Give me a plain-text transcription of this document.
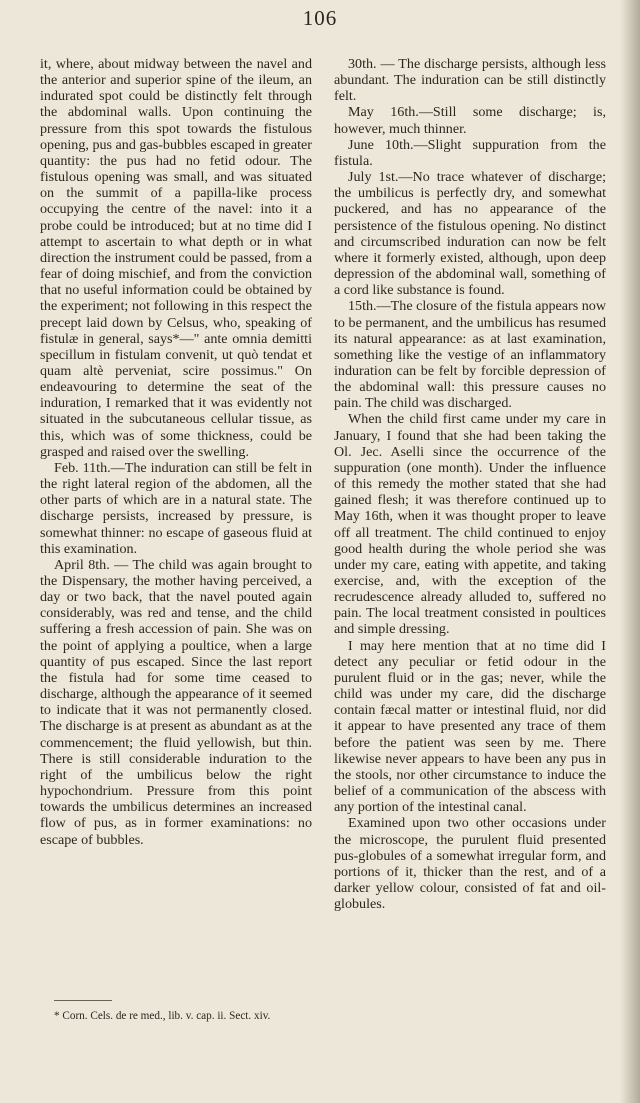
106

it, where, about midway between the navel and the anterior and superior spine of the ileum, an indurated spot could be distinctly felt through the abdominal walls. Upon continuing the pressure from this spot towards the fistulous opening, pus and gas-bubbles escaped in greater quantity: the pus had no fetid odour. The fistulous opening was small, and was situated on the summit of a papilla-like process occupying the centre of the navel: into it a probe could be introduced; but at no time did I attempt to ascertain to what depth or in what direction the instrument could be passed, from a fear of doing mischief, and from the conviction that no useful information could be obtained by the experiment; not following in this respect the precept laid down by Celsus, who, speaking of fistulæ in general, says*—" ante omnia demitti specillum in fistulam convenit, ut quò tendat et quam altè perveniat, scire possimus." On endeavouring to determine the seat of the induration, I remarked that it was evidently not situated in the subcutaneous cellular tissue, as this, which was of some thickness, could be grasped and raised over the swelling.

Feb. 11th.—The induration can still be felt in the right lateral region of the abdomen, all the other parts of which are in a natural state. The discharge persists, increased by pressure, is somewhat thinner: no escape of gaseous fluid at this examination.

April 8th. — The child was again brought to the Dispensary, the mother having perceived, a day or two back, that the navel pouted again considerably, was red and tense, and the child suffering a fresh accession of pain. She was on the point of applying a poultice, when a large quantity of pus escaped. Since the last report the fistula had for some time ceased to discharge, although the appearance of it seemed to indicate that it was not permanently closed. The discharge is at present as abundant as at the commencement; the fluid yellowish, but thin. There is still considerable induration to the right of the umbilicus below the right hypochondrium. Pressure from this point towards the umbilicus determines an increased flow of pus, as in former examinations: no escape of bubbles.

30th. — The discharge persists, although less abundant. The induration can be still distinctly felt.

May 16th.—Still some discharge; is, however, much thinner.

June 10th.—Slight suppuration from the fistula.

July 1st.—No trace whatever of discharge; the umbilicus is perfectly dry, and somewhat puckered, and has no appearance of the persistence of the fistulous opening. No distinct and circumscribed induration can now be felt where it formerly existed, although, upon deep depression of the abdominal wall, something of a cord like substance is found.

15th.—The closure of the fistula appears now to be permanent, and the umbilicus has resumed its natural appearance: as at last examination, something like the vestige of an inflammatory induration can be felt by forcible depression of the abdominal wall: this pressure causes no pain. The child was discharged.

When the child first came under my care in January, I found that she had been taking the Ol. Jec. Aselli since the occurrence of the suppuration (one month). Under the influence of this remedy the mother stated that she had gained flesh; it was therefore continued up to May 16th, when it was thought proper to leave off all treatment. The child continued to enjoy good health during the whole period she was under my care, eating with appetite, and taking exercise, and, with the exception of the recrudescence already alluded to, suffered no pain. The local treatment consisted in poultices and simple dressing.

I may here mention that at no time did I detect any peculiar or fetid odour in the purulent fluid or in the gas; never, while the child was under my care, did the discharge contain fæcal matter or intestinal fluid, nor did it appear to have presented any trace of them before the patient was seen by me. There likewise never appears to have been any pus in the stools, nor other circumstance to induce the belief of a communication of the abscess with any portion of the intestinal canal.

Examined upon two other occasions under the microscope, the purulent fluid presented pus-globules of a somewhat irregular form, and portions of it, thicker than the rest, and of a darker yellow colour, consisted of fat and oil-globules.

* Corn. Cels. de re med., lib. v. cap. ii. Sect. xiv.
